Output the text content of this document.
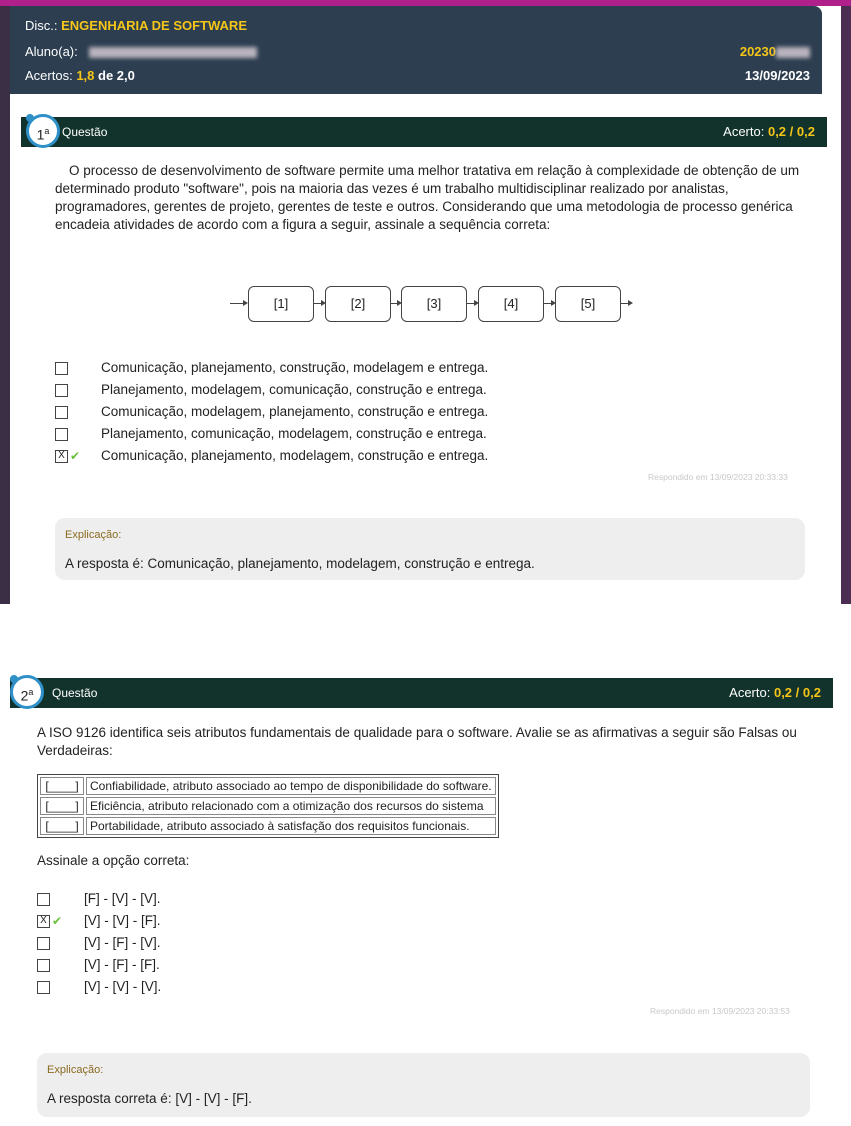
Disc.: ENGENHARIA DE SOFTWARE
Aluno(a):	20230
Acertos: 1,8 de 2,0	13/09/2023
Questão	Acerto: 0,2 / 0,2
1$^a$
O processo de desenvolvimento de software permite uma melhor tratativa em relação à complexidade de obtenção de um determinado produto "software", pois na maioria das vezes é um trabalho multidisciplinar realizado por analistas, programadores, gerentes de projeto, gerentes de teste e outros. Considerando que uma metodologia de processo genérica encadeia atividades de acordo com a figura a seguir, assinale a sequência correta:
[1]	[2]	[3]	[4]	[5]
Comunicação, planejamento, construção, modelagem e entrega.
Planejamento, modelagem, comunicação, construção e entrega.
Comunicação, modelagem, planejamento, construção e entrega.
Planejamento, comunicação, modelagem, construção e entrega.
X ✔ Comunicação, planejamento, modelagem, construção e entrega.
Respondido em 13/09/2023 20:33:33
Explicação:
A resposta é: Comunicação, planejamento, modelagem, construção e entrega.
Questão	Acerto: 0,2 / 0,2
2$^a$
A ISO 9126 identifica seis atributos fundamentais de qualidade para o software. Avalie se as afirmativas a seguir são Falsas ou Verdadeiras:
[____]	Confiabilidade, atributo associado ao tempo de disponibilidade do software.
[____]	Eficiência, atributo relacionado com a otimização dos recursos do sistema
[____]	Portabilidade, atributo associado à satisfação dos requisitos funcionais.
Assinale a opção correta:
[F] - [V] - [V].
X ✔ [V] - [V] - [F].
[V] - [F] - [V].
[V] - [F] - [F].
[V] - [V] - [V].
Respondido em 13/09/2023 20:33:53
Explicação:
A resposta correta é: [V] - [V] - [F].
